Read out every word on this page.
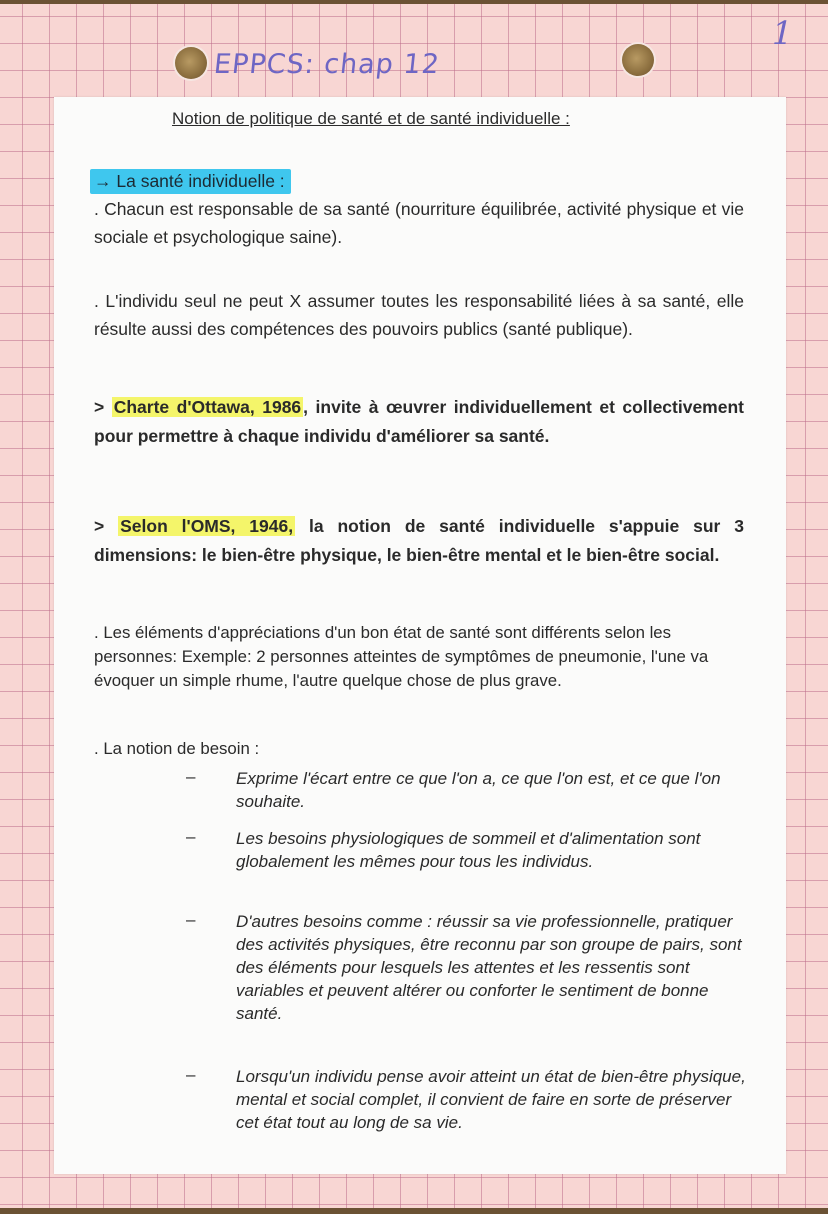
EPPCS: chap 12
1
Notion de politique de santé et de santé individuelle :
→ La santé individuelle :
. Chacun est responsable de sa santé (nourriture équilibrée, activité physique et vie sociale et psychologique saine).
. L'individu seul ne peut X assumer toutes les responsabilité liées à sa santé, elle résulte aussi des compétences des pouvoirs publics (santé publique).
> Charte d'Ottawa, 1986 , invite à œuvrer individuellement et collectivement pour permettre à chaque individu d'améliorer sa santé.
> Selon l'OMS, 1946, la notion de santé individuelle s'appuie sur 3 dimensions: le bien-être physique, le bien-être mental et le bien-être social.
. Les éléments d'appréciations d'un bon état de santé sont différents selon les personnes: Exemple: 2 personnes atteintes de symptômes de pneumonie, l'une va évoquer un simple rhume, l'autre quelque chose de plus grave.
. La notion de besoin :
– Exprime l'écart entre ce que l'on a, ce que l'on est, et ce que l'on souhaite.
– Les besoins physiologiques de sommeil et d'alimentation sont globalement les mêmes pour tous les individus.
– D'autres besoins comme : réussir sa vie professionnelle, pratiquer des activités physiques, être reconnu par son groupe de pairs, sont des éléments pour lesquels les attentes et les ressentis sont variables et peuvent altérer ou conforter le sentiment de bonne santé.
– Lorsqu'un individu pense avoir atteint un état de bien-être physique, mental et social complet, il convient de faire en sorte de préserver cet état tout au long de sa vie.
